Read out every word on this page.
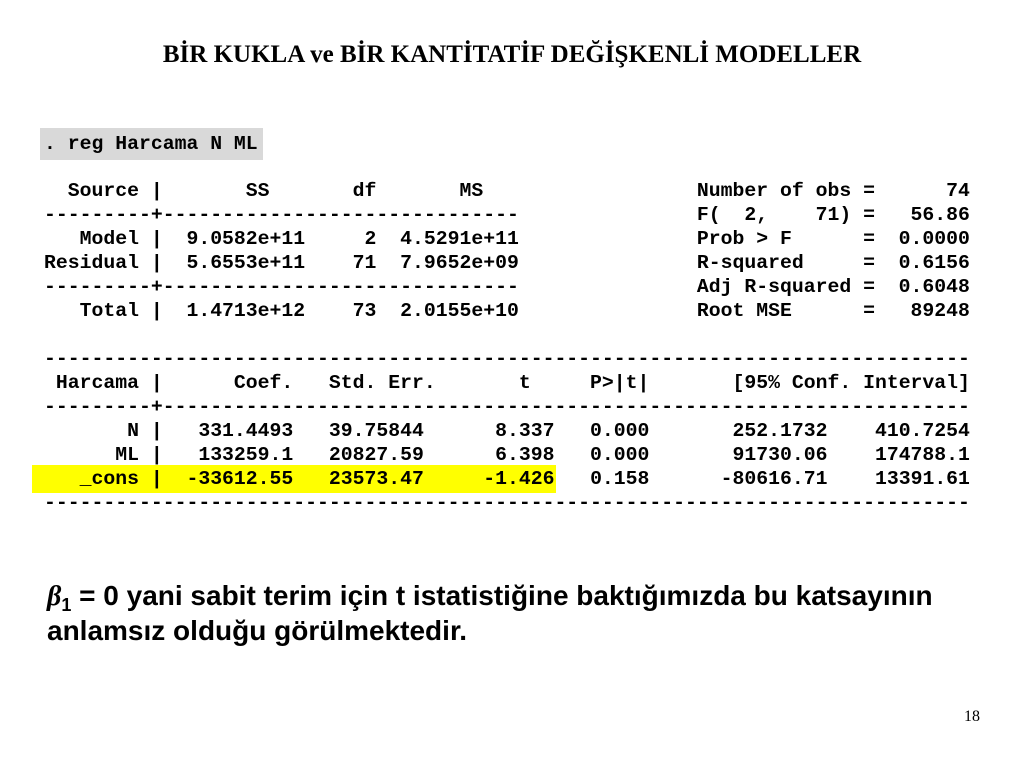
BİR KUKLA ve BİR KANTİTATİF DEĞİŞKENLİ MODELLER
. reg Harcama N ML
Source |       SS       df       MS	Number of obs =      74
---------+------------------------------	F(  2,    71) =   56.86
Model |  9.0582e+11     2  4.5291e+11	Prob > F      =  0.0000
Residual |  5.6553e+11    71  7.9652e+09	R-squared     =  0.6156
---------+------------------------------	Adj R-squared =  0.6048
Total |  1.4713e+12    73  2.0155e+10	Root MSE      =   89248
------------------------------------------------------------------------------
Harcama |      Coef.   Std. Err.       t     P>|t|       [95% Conf. Interval]
---------+--------------------------------------------------------------------
N |   331.4493   39.75844      8.337   0.000       252.1732    410.7254
ML |   133259.1   20827.59      6.398   0.000       91730.06    174788.1
_cons |  -33612.55   23573.47     -1.426 0.158      -80616.71    13391.61
------------------------------------------------------------------------------
$\beta_1 = 0$ yani sabit terim için t istatistiğine baktığımızda bu katsayının
anlamsız olduğu görülmektedir.
18
